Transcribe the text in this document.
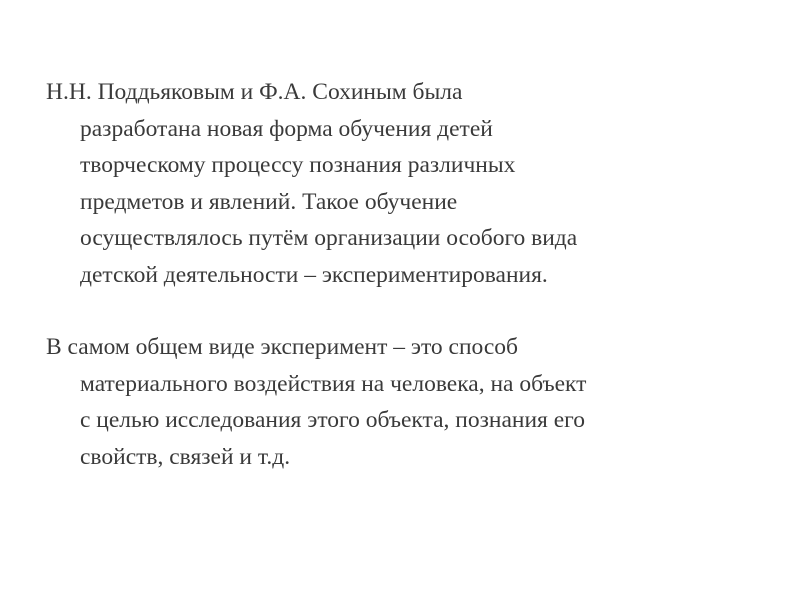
Н.Н. Поддьяковым и Ф.А. Сохиным была
разработана новая форма обучения детей
творческому процессу познания различных
предметов и явлений. Такое обучение
осуществлялось путём организации особого вида
детской деятельности – экспериментирования.
В самом общем виде эксперимент – это способ
материального воздействия на человека, на объект
с целью исследования этого объекта, познания его
свойств, связей и т.д.
